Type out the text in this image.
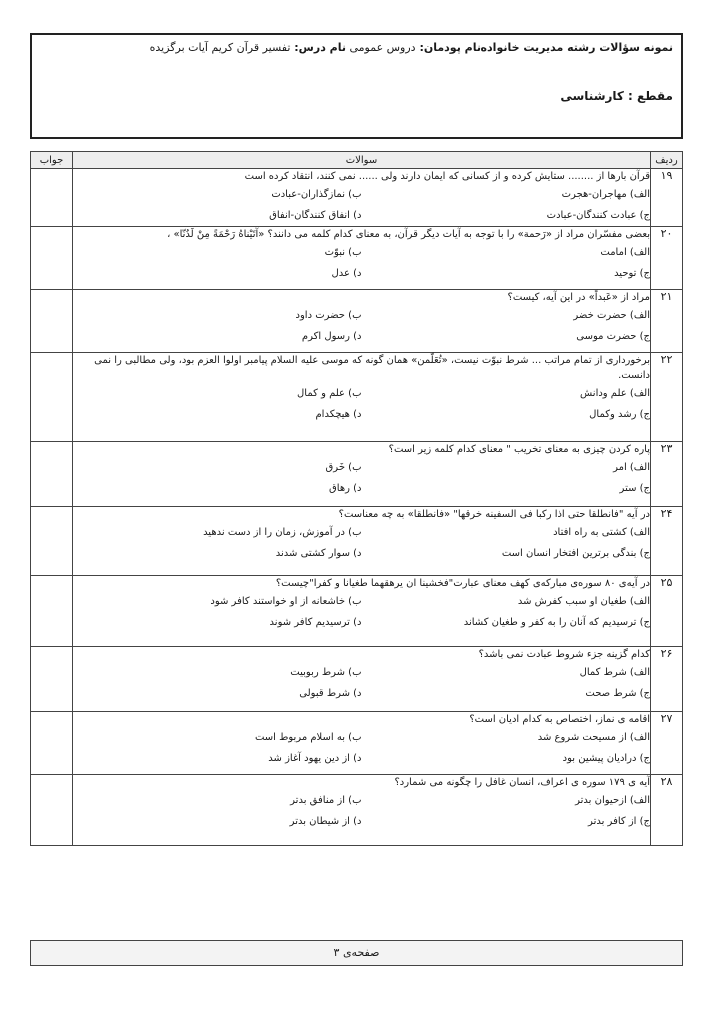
نمونه سؤالات رشته مدیریت خانواده
نام پودمان: دروس عمومی
نام درس: تفسیر قرآن کریم آیات برگزیده
مقطع : کارشناسی
ردیف	سوالات	جواب
۱۹	قرآن بارها از ........ ستایش کرده و از کسانی که ایمان دارند ولی ...... نمی کنند، انتقاد کرده است
الف) مهاجران-هجرت
ب) نمازگذاران-عبادت
ج) عبادت کنندگان-عبادت
د) انفاق کنندگان-انفاق	

۲۰	بعضی مفسّران مراد از «رَحمة» را با توجه به آیات دیگر قرآن، به معنای کدام کلمه می دانند؟ «آتَیْناهُ رَحْمَةً مِنْ لَدُنّا» ،
الف) امامت
ب) نبوّت
ج) توحید
د) عدل	

۲۱	مراد از «عَبداً» در این آیه، کیست؟
الف) حضرت خضر
ب) حضرت داود
ج) حضرت موسی
د) رسول اکرم	

۲۲	برخورداری از تمام مراتب ... شرط نبوّت نیست، «تُعَلّمن» همان گونه که موسی علیه السلام پیامبر اولوا العزم بود، ولی مطالبی را نمی دانست.
الف) علم ودانش
ب) علم و کمال
ج) رشد وکمال
د) هیچکدام	

۲۳	پاره کردن چیزی به معنای تخریب " معنای کدام کلمه زیر است؟
الف) امر
ب) خَرق
ج) ستر
د) رهاق	

۲۴	در آیه "فانطلقا حتی اذا رکبا فی السفینه خرقها" «فانطلقا» به چه معناست؟
الف) کشتی به راه افتاد
ب) در آموزش، زمان را از دست ندهید
ج) بندگی برترین افتخار انسان است
د) سوار کشتی شدند	

۲۵	در آیه‌ی ۸۰ سوره‌ی مبارکه‌ی کهف معنای عبارت"فخشینا ان یرهقهما طغیانا و کفرا"چیست؟
الف) طغیان او سبب کفرش شد
ب) خاشعانه از او خواستند کافر شود
ج) ترسیدیم که آنان را به کفر و طغیان کشاند
د) ترسیدیم کافر شوند	

۲۶	کدام گزینه جزء شروط عبادت نمی باشد؟
الف) شرط کمال
ب) شرط ربوبیت
ج) شرط صحت
د) شرط قبولی	

۲۷	اقامه ی نماز، اختصاص به کدام ادیان است؟
الف) از مسیحت شروع شد
ب) به اسلام مربوط است
ج) درادیان پیشین بود
د) از دین یهود آغاز شد	

۲۸	آیه ی ۱۷۹ سوره ی اعراف، انسان غافل را چگونه می شمارد؟
الف) ازحیوان بدتر
ب) از منافق بدتر
ج) از کافر بدتر
د) از شیطان بدتر	

صفحه‌ی ۳
